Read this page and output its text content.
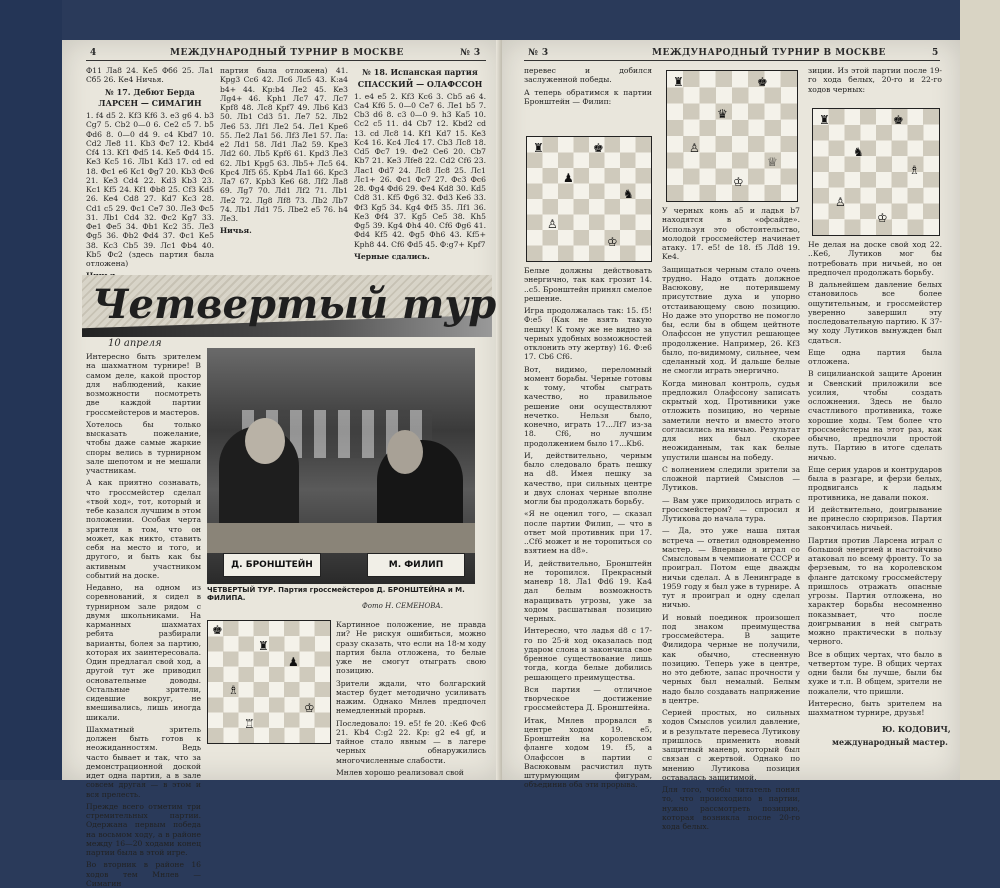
4	МЕЖДУНАРОДНЫЙ ТУРНИР В МОСКВЕ	№ 3

Ф11 Ла8 24. Кe5 Фб6 25. Ла1 Сб5 26. Кe4 Ничья.

№ 17. Дебют Берда
ЛАРСЕН — СИМАГИН

1. f4 d5 2. Kf3 Kf6 3. e3 g6 4. b3 Cg7 5. Cb2 0—0 6. Ce2 c5 7. b5 Фd6 8. 0—0 d4 9. c4 Kbd7 10. Cd2 Лe8 11. Kb3 Фc7 12. Kbd4 Cf4 13. Kf1 Фd5 14. Ke5 Фd4 15. Ke3 Kc5 16. Лb1 Kd3 17. cd ed 18. Фc1 e6 Кc1 Фg7 20. Kb3 Фc6 21. Ke3 Cd4 22. Kd3 Kb3 23. Кс1 Kf5 24. Kf1 Фb8 25. Cf3 Kd5 26. Ke4 Cd8 27. Kd7 Kc3 28. Cd1 c5 29. Фc1 Ce7 30. Лe3 Фc5 31. Лb1 Cd4 32. Фc2 Кg7 33. Фe1 Фe5 34. Фb1 Кс2 35. Лe3 Фg5 36. Фb2 Фd4 37. Фc1 Кe5 38. Kc3 Cb5 39. Лc1 Фb4 40. Kb5 Фc2 (здесь партия была отложена)

партия была отложена) 41. Kpg3 Cc6 42. Лc6 Лc5 43. K:a4 b4+ 44. Kp:b4 Лe2 45. Ke3 Лg4+ 46. Kph1 Лc7 47. Лc7 Kpf8 48. Лc8 Kpf7 49. Лb6 Kd3 50. Лb1 Cd3 51. Лe7 52. Лb2 Лe6 53. Лf1 Лe2 54. Лe1 Kpe6 55. Лe2 Лa1 56. Лf3 Лe1 57. Лa: e2 Лd1 58. Лd1 Лa2 59. Kpe3 Лd2 60. Лb5 Kpf6 61. Kpd3 Лe3 62. Лb1 Kpg5 63. Лb5+ Лc5 64. Kpc4 Лf5 65. Kpb4 Лa1 66. Kpc3 Лa7 67. Kpb3 Ke6 68. Лf2 Лa8 69. Лg7 70. Лd1 Лf2 71. Лb1 Лe2 72. Лg8 Лf8 73. Лb2 Лb7 74. Лb1 Лd1 75. Лbe2 e5 76. h4 Лe3.

Ничья.
№ 18. Испанская партия
СПАССКИЙ — ОЛАФССОН

1. e4 e5 2. Kf3 Kc6 3. Cb5 a6 4. Ca4 Kf6 5. 0—0 Ce7 6. Лe1 b5 7. Cb3 d6 8. c3 0—0 9. h3 Ka5 10. Cc2 c5 11. d4 Cb7 12. Kbd2 cd 13. cd Лc8 14. Kf1 Kd7 15. Ke3 Kc4 16. Kc4 Лc4 17. Cb3 Лc8 18. Cd5 Фc7 19. Фe2 Ce6 20. Cb7 Kb7 21. Ke3 Лfe8 22. Cd2 Cf6 23. Лac1 Фd7 24. Лc8 Лc8 25. Лc1 Лc1+ 26. Фc1 Фc7 27. Фc3 Фc6 28. Фg4 Фd6 29. Фe4 Кd8 30. Kd5 Cd8 31. Kf5 Фg6 32. Фd3 Кe6 33. Фf3 Kg5 34. Kg4 Фf5 35. Лf1 36. Кe3 Фf4 37. Kg5 Ce5 38. Кh5 Фg5 39. Kg4 Фh4 40. Cf6 Фg6 41. Фd4 Kf5 42. Фg5 Фh6 43. Kf5+ Kph8 44. Cf6 Фd5 45. Ф:g7+ Kpf7

Черные сдались.
Четвертый тур
10 апреля

Интересно быть зрителем на шахматном турнире! В самом деле, какой простор для наблюдений, какие возможности посмотреть две каждой партии гроссмейстеров и мастеров.

Хотелось бы только высказать пожелание, чтобы даже самые жаркие споры велись в турнирном зале шепотом и не мешали участникам.

А как приятно сознавать, что гроссмейстер сделал «твой ход», тот, который и тебе казался лучшим в этом положении. Особая черта зрителя в том, что он может, как никто, ставить себя на место и того, и другого, и быть как бы активным участником событий на доске.

Недавно, на одном из соревнований, я сидел в турнирном зале рядом с двумя школьниками. На карманных шахматах ребята разбирали варианты, болея за партию, которая их заинтересовала. Один предлагал свой ход, а другой тут же приводил основательные доводы. Остальные зрители, сидевшие вокруг, не вмешивались, лишь иногда шикали.

Шахматный зритель должен быть готов к неожиданностям. Ведь часто бывает и так, что за демонстрационной доской идет одна партия, а в зале совсем другая — в этом и вся прелесть.

Прежде всего отметим три стремительных партии. Одержана первым победа на восьмом ходу, а в районе между 16—20 ходами конец партии была в этой игре.

Во вторник в районе 16 ходов тем Мнлев — Симагин

Д. БРОНШТЕЙН	М. ФИЛИП
ЧЕТВЕРТЫЙ ТУР. Партия гроссмейстеров Д. БРОНШТЕЙНА и М. ФИЛИПА.
Фото Н. СЕМЕНОВА.
♚
♜
♟
♗
♔
♖

Картинное положение, не правда ли? Не рискуя ошибиться, можно сразу сказать, что если на 18-м ходу партия была отложена, то белые уже не смогут отыграть свою позицию.

Зрители ждали, что болгарский мастер будет методично усиливать нажим. Однако Мнлев предпочел немедленный прорыв.

Последовало: 19. e5! fe 20. :Кe6 Фс6 21. Кb4 С:g2 22. Kp: g2 e4 gf, и тайное стало явным — в лагере черных обнаружились многочисленные слабости.

Мнлев хорошо реализовал свой

№ 3	МЕЖДУНАРОДНЫЙ ТУРНИР В МОСКВЕ	5
♜	♚
♟
♞
♙
♔

перевес и добился заслуженной победы.

А теперь обратимся к партии Бронштейн — Филип:

Белые должны действовать энергично, так как грозит 14. ..c5. Бронштейн принял смелое решение.

Игра продолжалась так: 15. f5! Ф:e5 (Как не взять такую пешку! К тому же не видно за черных удобных возможностей отклонить эту жертву) 16. Ф:e6 17. Cb6 Cf6.

Вот, видимо, переломный момент борьбы. Черные готовы к тому, чтобы сыграть качество, но правильное решение они осуществляют нечетко. Нельзя было, конечно, играть 17...Лf7 из-за 18. Cf6, но лучшим продолжением было 17...Kb6.

И, действительно, черным было следовало брать пешку на d8. Имея пешку за качество, при сильных центре и двух слонах черные вполне могли бы продолжать борьбу.

«Я не оценил того, — сказал после партии Филип, — что в ответ мой противник при 17. ..Cf6 может и не торопиться со взятием на d8».

И, действительно, Бронштейн не торопился. Прекрасный маневр 18. Ла1 Фd6 19. Ка4 дал белым возможность наращивать угрозы, уже за ходом расшатывая позицию черных.

Интересно, что ладья d8 с 17-го по 25-й ход оказалась под ударом слона и закончила свое бренное существование лишь тогда, когда белые добились решающего преимущества.

Вся партия — отличное творческое достижение гроссмейстера Д. Бронштейна.

Итак, Мнлев прорвался в центре ходом 19. e5, Бронштейн на королевском фланге ходом 19. f5, а Олафссон в партии с Васюковым расчистил путь штурмующим фигурам, объединив оба эти прорыва.

♜	♚
♛
♙
♕
♔

У черных конь a5 и ладья b7 находятся в «офсайде». Используя это обстоятельство, молодой гроссмейстер начинает атаку. 17. e5! de 18. f5 Лd8 19. Ke4.

Защищаться черным стало очень трудно. Надо отдать должное Васюкову, не потерявшему присутствие духа и упорно отстаивающему свою позицию. Но даже это упорство не помогло бы, если бы в общем цейтноте Олафссон не упустил решающее продолжение. Например, 26. Kf3 было, по-видимому, сильнее, чем сделанный ход. И дальше белые не смогли играть энергично.

Когда миновал контроль, судья предложил Олафссону записать скрытый ход. Противники уже отложить позицию, но черные заметили нечто и вместо этого согласились на ничью. Результат для них был скорее неожиданным, так как белые упустили шансы на победу.

С волнением следили зрители за сложной партией Смыслов — Лутиков.

— Вам уже приходилось играть с гроссмейстером? — спросил я Лутикова до начала тура.

— Да, это уже наша пятая встреча — ответил одновременно мастер. — Впервые я играл со Смысловым в чемпионате СССР и проиграл. Потом еще дважды ничьи сделал. А в Ленинграде в 1959 году я был уже в турнире. А тут я проиграл и одну сделал ничью.

И новый поединок произошел под знаком преимущества гроссмейстера. В защите Филидора черные не получили, как обычно, стесненную позицию. Теперь уже в центре, но это дебюте, запас прочности у черных был немалый. Белым надо было создавать напряжение в центре.

Серией простых, но сильных ходов Смыслов усилил давление, и в результате перевеса Лутикову пришлось применить новый защитный маневр, который был связан с жертвой. Однако по мнению Лутикова позиция оставалась защитимой.

Для того, чтобы читатель понял то, что происходило в партии, нужно рассмотреть позицию, которая возникла после 20-го хода белых.

зиции. Из этой партии после 19-го хода белых, 20-го и 22-го ходов черных:

♜	♚
♞
♗
♙
♔

Не делая на доске свой ход 22. ..Кe6, Лутиков мог бы потребовать при ничьей, но он предпочел продолжать борьбу.

В дальнейшем давление белых становилось все более ощутительным, и гроссмейстер уверенно завершил эту последовательную партию. К 37-му ходу Лутиков вынужден был сдаться.

Еще одна партия была отложена.

В сицилианской защите Аронин и Свенский приложили все усилия, чтобы создать осложнения. Здесь не было счастливого противника, тоже хорошие ходы. Тем более что гроссмейстеры на этот раз, как обычно, предпочли простой путь. Партию в итоге сделать ничью.

Еще серия ударов и контрударов была в разгаре, и ферзи белых, продвигаясь к ладьям противника, не давали покоя.

И действительно, доигрывание не принесло сюрпризов. Партия закончилась ничьей.

Партия против Ларсена играл с большой энергией и настойчиво атаковал по всему фронту. То за ферзевым, то на королевском фланге датскому гроссмейстеру пришлось отражать опасные угрозы. Партия отложена, но характер борьбы несомненно показывает, что после доигрывания в ней сыграть можно практически в пользу черного.

Все в общих чертах, что было в четвертом туре. В общих чертах одни были бы лучше, были бы хуже и т.п. В общем, зрители не пожалели, что пришли.

Интересно, быть зрителем на шахматном турнире, друзья!

Ю. КОДОВИЧ,
международный мастер.
